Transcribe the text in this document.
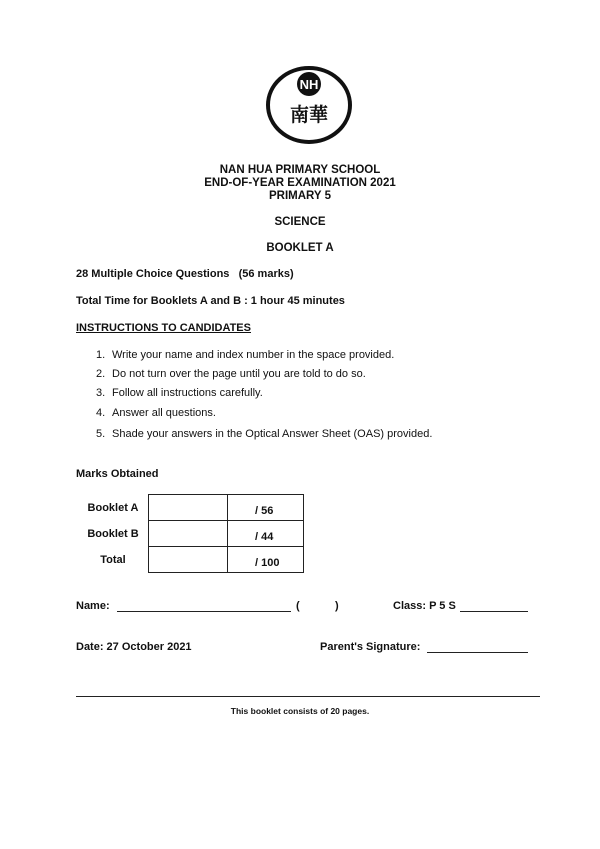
NH
南華
NAN HUA PRIMARY SCHOOL
END-OF-YEAR EXAMINATION 2021
PRIMARY 5
SCIENCE
BOOKLET A
28 Multiple Choice Questions (56 marks)
Total Time for Booklets A and B : 1 hour 45 minutes
INSTRUCTIONS TO CANDIDATES
1. Write your name and index number in the space provided.
2. Do not turn over the page until you are told to do so.
3. Follow all instructions carefully.
4. Answer all questions.
5. Shade your answers in the Optical Answer Sheet (OAS) provided.
Marks Obtained
Booklet A		/ 56
Booklet B		/ 44
Total		/ 100
Name:	(	)	Class: P 5 S
Date: 27 October 2021	Parent's Signature:
This booklet consists of 20 pages.
